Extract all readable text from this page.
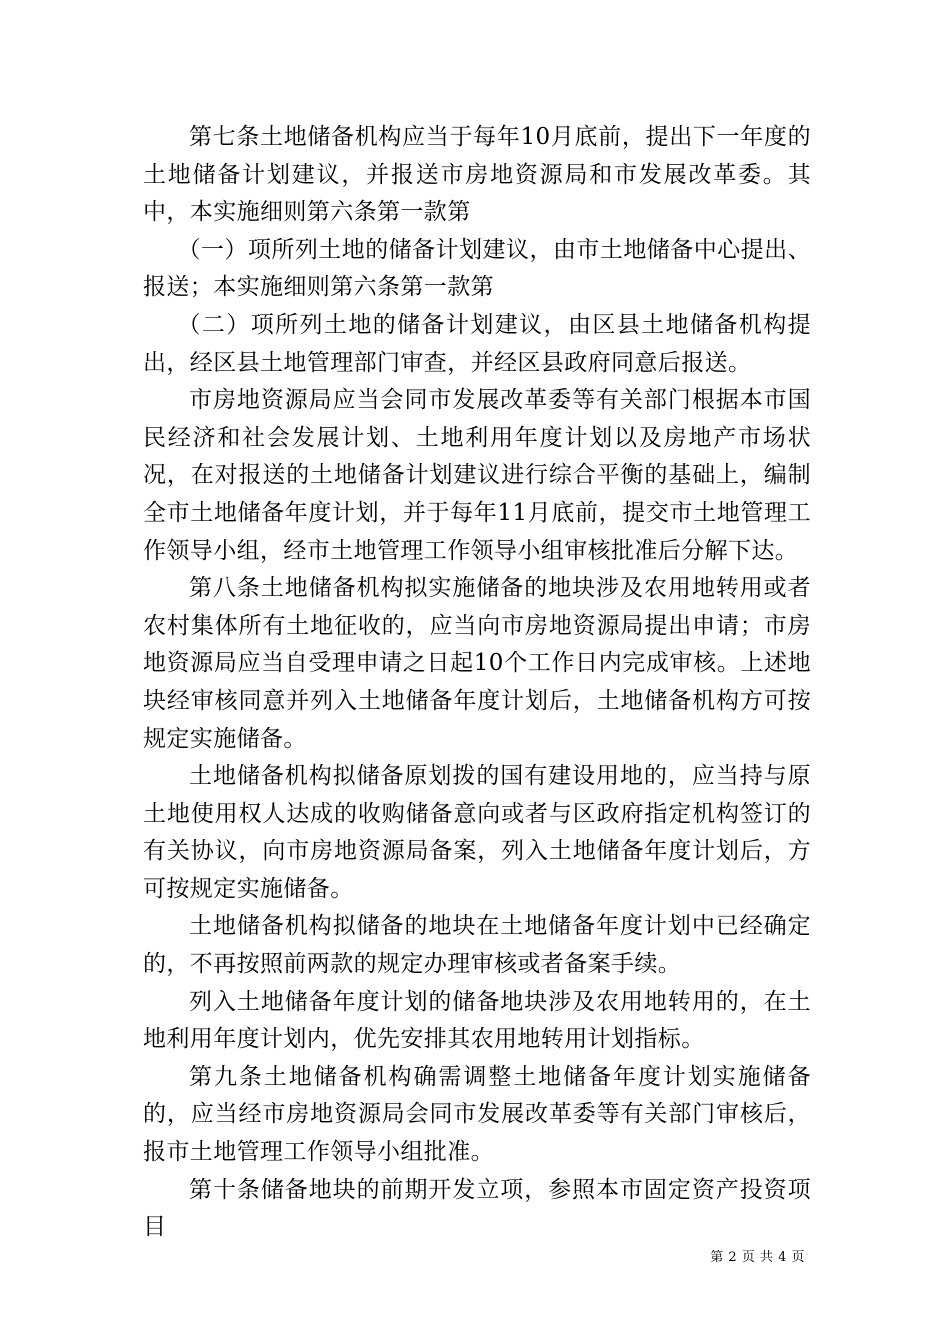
第七条土地储备机构应当于每年10月底前，提出下一年度的土地储备计划建议，并报送市房地资源局和市发展改革委。其中，本实施细则第六条第一款第

（一）项所列土地的储备计划建议，由市土地储备中心提出、报送；本实施细则第六条第一款第

（二）项所列土地的储备计划建议，由区县土地储备机构提出，经区县土地管理部门审查，并经区县政府同意后报送。

市房地资源局应当会同市发展改革委等有关部门根据本市国民经济和社会发展计划、土地利用年度计划以及房地产市场状况，在对报送的土地储备计划建议进行综合平衡的基础上，编制全市土地储备年度计划，并于每年11月底前，提交市土地管理工作领导小组，经市土地管理工作领导小组审核批准后分解下达。

第八条土地储备机构拟实施储备的地块涉及农用地转用或者农村集体所有土地征收的，应当向市房地资源局提出申请；市房地资源局应当自受理申请之日起10个工作日内完成审核。上述地块经审核同意并列入土地储备年度计划后，土地储备机构方可按规定实施储备。

土地储备机构拟储备原划拨的国有建设用地的，应当持与原土地使用权人达成的收购储备意向或者与区政府指定机构签订的有关协议，向市房地资源局备案，列入土地储备年度计划后，方可按规定实施储备。

土地储备机构拟储备的地块在土地储备年度计划中已经确定的，不再按照前两款的规定办理审核或者备案手续。

列入土地储备年度计划的储备地块涉及农用地转用的，在土地利用年度计划内，优先安排其农用地转用计划指标。

第九条土地储备机构确需调整土地储备年度计划实施储备的，应当经市房地资源局会同市发展改革委等有关部门审核后，报市土地管理工作领导小组批准。

第十条储备地块的前期开发立项，参照本市固定资产投资项目

第 2 页 共 4 页
